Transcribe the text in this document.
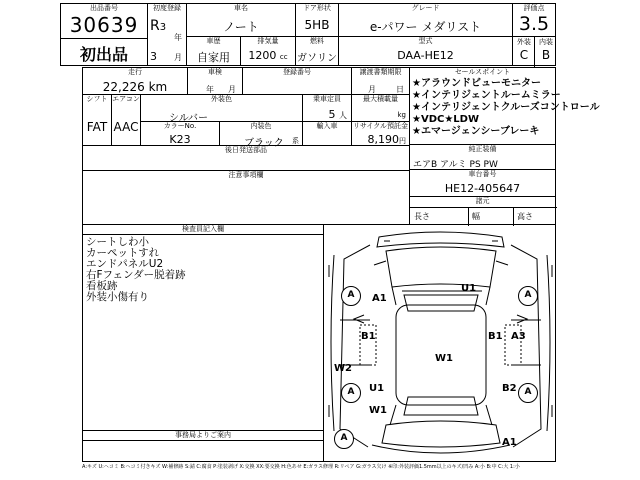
出品番号
30639
初出品
初度登録
R3
3
年
月
車名
ノート
車歴
自家用
排気量
1200 cc
ドア形状
5HB
燃料
ガソリン
グレード
e-パワー メダリスト
型式
DAA-HE12
評価点
3.5
外装	内装
C	B
走行
22,226 km
車検
年 月
登録番号	譲渡書類期限
月	日
シフト
FAT
エアコン
AAC
外装色
シルバー
乗車定員
5 人
最大積載量
kg
カラーNo.
K23
内装色
ブラック 系
輸入車	リサイクル預託金
8,190円
後日発送部品
注意事項欄
セールスポイント
★アラウンドビューモニター
★インテリジェントルームミラー
★インテリジェントクルーズコントロール
★VDC★LDW
★エマージェンシーブレーキ
純正装備
エアB アルミ PS PW
車台番号
HE12-405647
諸元
長さ	幅	高さ
検査員記入欄
シートしわ小
カーペットすれ
エンドパネルU2
右Fフェンダー脱着跡
看板跡
外装小傷有り
事務局よりご案内
A	A
A	A
A
U1
A1
B1	B1
W2
W1
U1
W1
A3
B2
A1
A:キズ U:ヘコミ B:ヘコミ付きキズ W:補修跡 S:錆 C:腐食 P:塗装剥げ X:交換 XX:要交換 H:色あせ E:ガラス修理 R:リペア G:ガラス欠け ※印:外装評価1.5mm以上のキズ/凹み A:小 B:中 C:大 1:小
